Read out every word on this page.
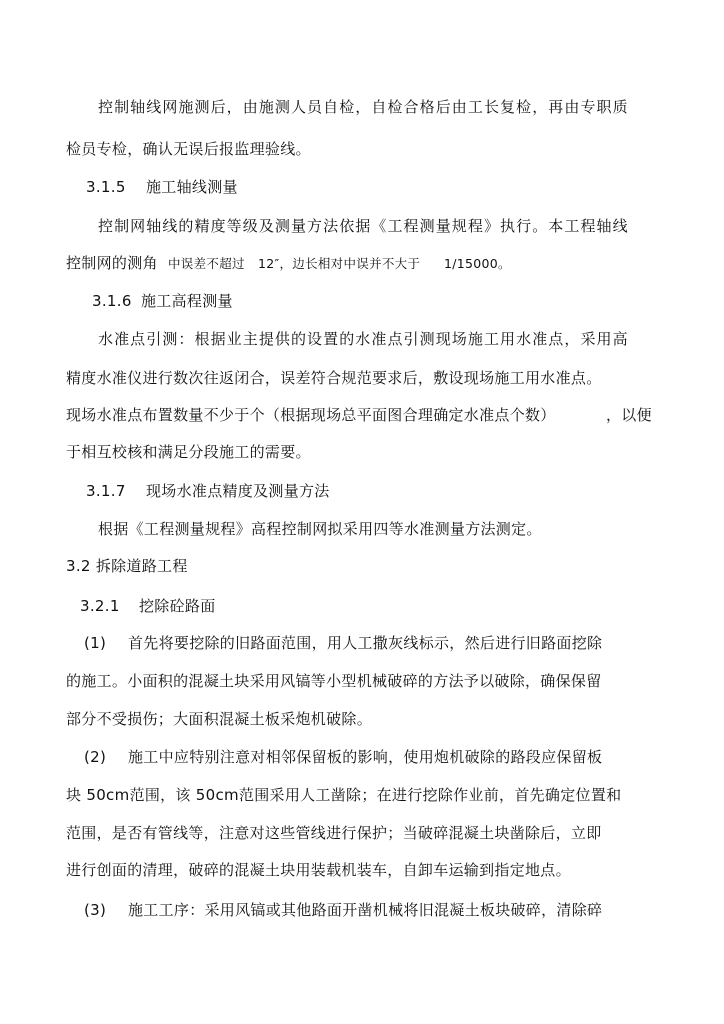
控制轴线网施测后，由施测人员自检，自检合格后由工长复检，再由专职质
检员专检，确认无误后报监理验线。
3.1.5 施工轴线测量
控制网轴线的精度等级及测量方法依据《工程测量规程》执行。本工程轴线
控制网的测角 中误差不超过 12″，边长相对中误并不大于 1/15000。
3.1.6 施工高程测量
水准点引测：根据业主提供的设置的水准点引测现场施工用水准点，采用高
精度水准仪进行数次往返闭合，误差符合规范要求后，敷设现场施工用水准点。
现场水准点布置数量不少于个（根据现场总平面图合理确定水准点个数）	，以便
于相互校核和满足分段施工的需要。
3.1.7 现场水准点精度及测量方法
根据《工程测量规程》高程控制网拟采用四等水准测量方法测定。
3.2 拆除道路工程
3.2.1 挖除砼路面
(1) 首先将要挖除的旧路面范围，用人工撒灰线标示，然后进行旧路面挖除
的施工。小面积的混凝土块采用风镐等小型机械破碎的方法予以破除，确保保留
部分不受损伤；大面积混凝土板采炮机破除。
(2) 施工中应特别注意对相邻保留板的影响，使用炮机破除的路段应保留板
块 50cm范围，该 50cm范围采用人工凿除；在进行挖除作业前，首先确定位置和
范围，是否有管线等，注意对这些管线进行保护；当破碎混凝土块凿除后，立即
进行创面的清理，破碎的混凝土块用装载机装车，自卸车运输到指定地点。
(3) 施工工序：采用风镐或其他路面开凿机械将旧混凝土板块破碎，清除碎
